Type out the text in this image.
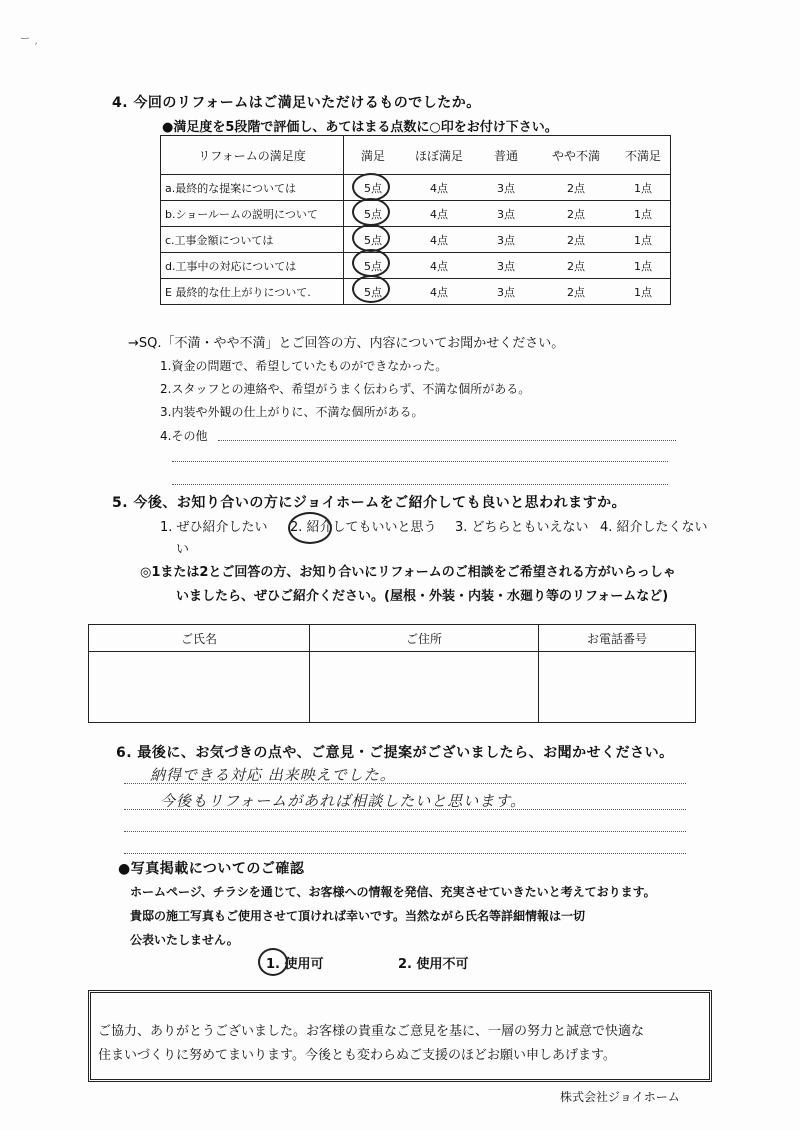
ー ˏ
4. 今回のリフォームはご満足いただけるものでしたか。
●満足度を5段階で評価し、あてはまる点数に○印をお付け下さい。
リフォームの満足度	満足	ほぼ満足	普通	やや不満	不満足
a.最終的な提案については	5点	4点	3点	2点	1点
b.ショールームの説明について	5点	4点	3点	2点	1点
c.工事金額については	5点	4点	3点	2点	1点
d.工事中の対応については	5点	4点	3点	2点	1点
E 最終的な仕上がりについて.	5点	4点	3点	2点	1点
→SQ.「不満・やや不満」とご回答の方、内容についてお聞かせください。
1.資金の問題で、希望していたものができなかった。
2.スタッフとの連絡や、希望がうまく伝わらず、不満な個所がある。
3.内装や外観の仕上がりに、不満な個所がある。
4.その他
5. 今後、お知り合いの方にジョイホームをご紹介しても良いと思われますか。
1. ぜひ紹介したい 2. 紹介してもいいと思う 3. どちらともいえない 4. 紹介したくない
い
◎1または2とご回答の方、お知り合いにリフォームのご相談をご希望される方がいらっしゃ
いましたら、ぜひご紹介ください。(屋根・外装・内装・水廻り等のリフォームなど)
ご氏名	ご住所	お電話番号

6. 最後に、お気づきの点や、ご意見・ご提案がございましたら、お聞かせください。
納得できる対応 出来映えでした。
今後もリフォームがあれば相談したいと思います。
●写真掲載についてのご確認
ホームページ、チラシを通じて、お客様への情報を発信、充実させていきたいと考えております。
貴邸の施工写真もご使用させて頂ければ幸いです。当然ながら氏名等詳細情報は一切
公表いたしません。
1. 使用可	2. 使用不可
ご協力、ありがとうございました。お客様の貴重なご意見を基に、一層の努力と誠意で快適な
住まいづくりに努めてまいります。今後とも変わらぬご支援のほどお願い申しあげます。
株式会社ジョイホーム
